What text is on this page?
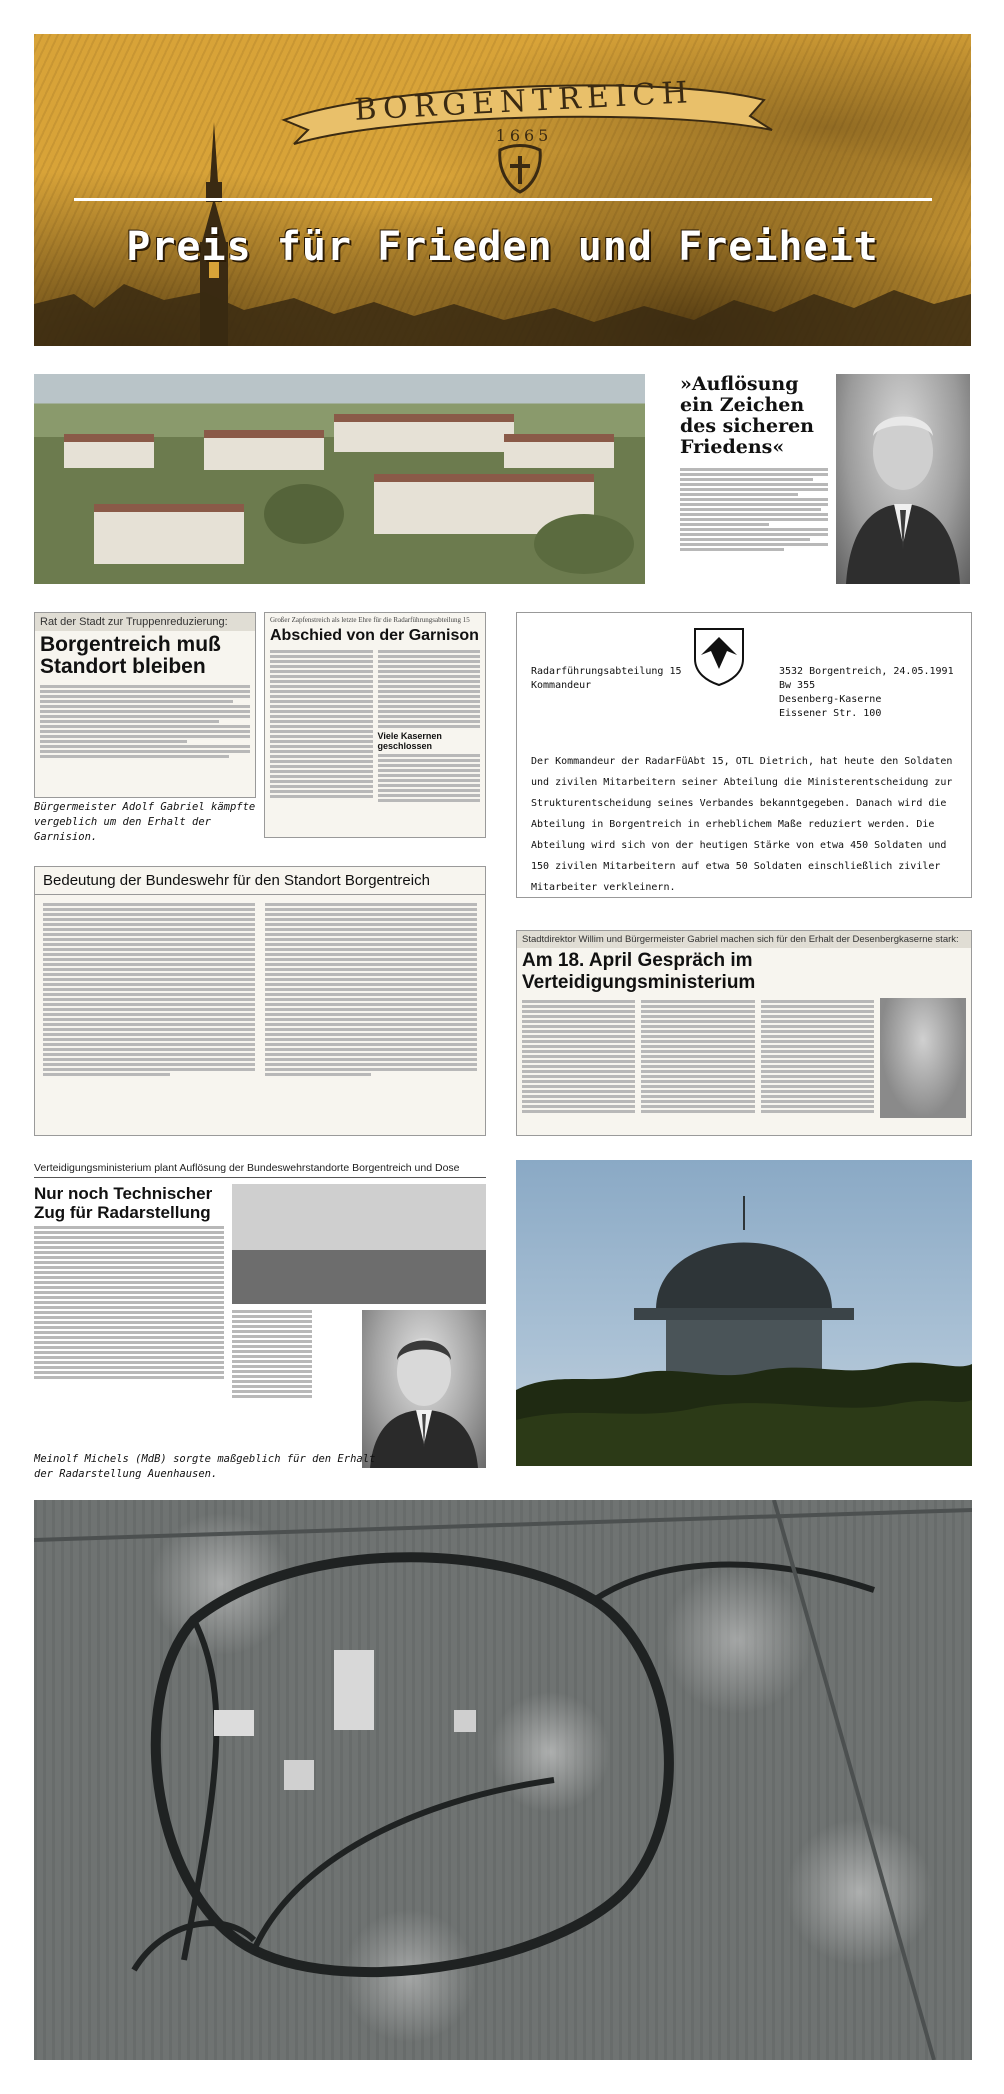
BORGENTREICH
1665
Preis für Frieden und Freiheit
»Auflösung ein Zeichen des sicheren Friedens«
Rat der Stadt zur Truppenreduzierung:
Borgentreich muß Standort bleiben
Großer Zapfenstreich als letzte Ehre für die Radarführungsabteilung 15
Abschied von der Garnison
Viele Kasernen geschlossen
Bürgermeister Adolf Gabriel kämpfte vergeblich um den Erhalt der Garnision.
Radarführungsabteilung 15
Kommandeur
3532 Borgentreich, 24.05.1991
Bw 355
Desenberg-Kaserne
Eissener Str. 100
Der Kommandeur der RadarFüAbt 15, OTL Dietrich, hat heute den Soldaten und zivilen Mitarbeitern seiner Abteilung die Ministerentscheidung zur Strukturentscheidung seines Verbandes bekanntgegeben. Danach wird die Abteilung in Borgentreich in erheblichem Maße reduziert werden. Die Abteilung wird sich von der heutigen Stärke von etwa 450 Soldaten und 150 zivilen Mitarbeitern auf etwa 50 Soldaten einschließlich ziviler Mitarbeiter verkleinern.
Bedeutung der Bundeswehr für den Standort Borgentreich
Stadtdirektor Willim und Bürgermeister Gabriel machen sich für den Erhalt der Desenbergkaserne stark:
Am 18. April Gespräch im Verteidigungsministerium
Verteidigungsministerium plant Auflösung der Bundeswehrstandorte Borgentreich und Dose
Nur noch Technischer Zug für Radarstellung
Meinolf Michels (MdB) sorgte maßgeblich für den Erhalt der Radarstellung Auenhausen.
